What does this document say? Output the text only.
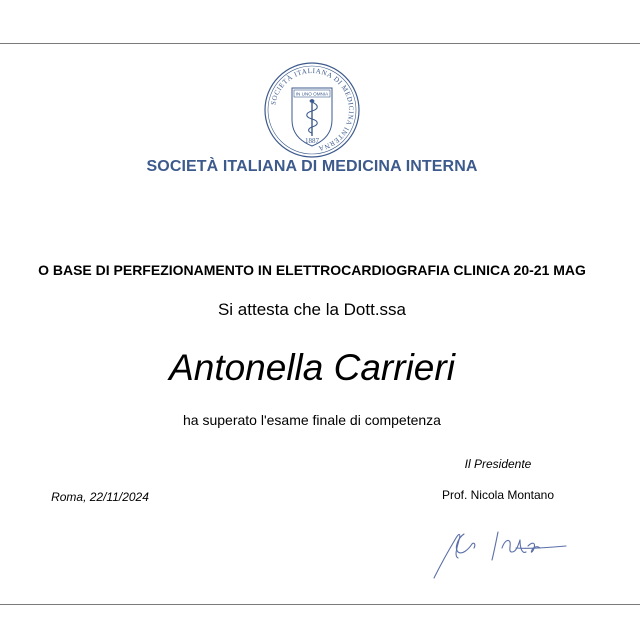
SOCIETÀ ITALIANA DI MEDICINA INTERNA
IN UNO OMNIA
1887
SOCIETÀ ITALIANA DI MEDICINA INTERNA
O BASE DI PERFEZIONAMENTO IN ELETTROCARDIOGRAFIA CLINICA 20-21 MAG
Si attesta che la Dott.ssa
Antonella Carrieri
ha superato l'esame finale di competenza
Il Presidente
Roma, 22/11/2024	Prof. Nicola Montano
